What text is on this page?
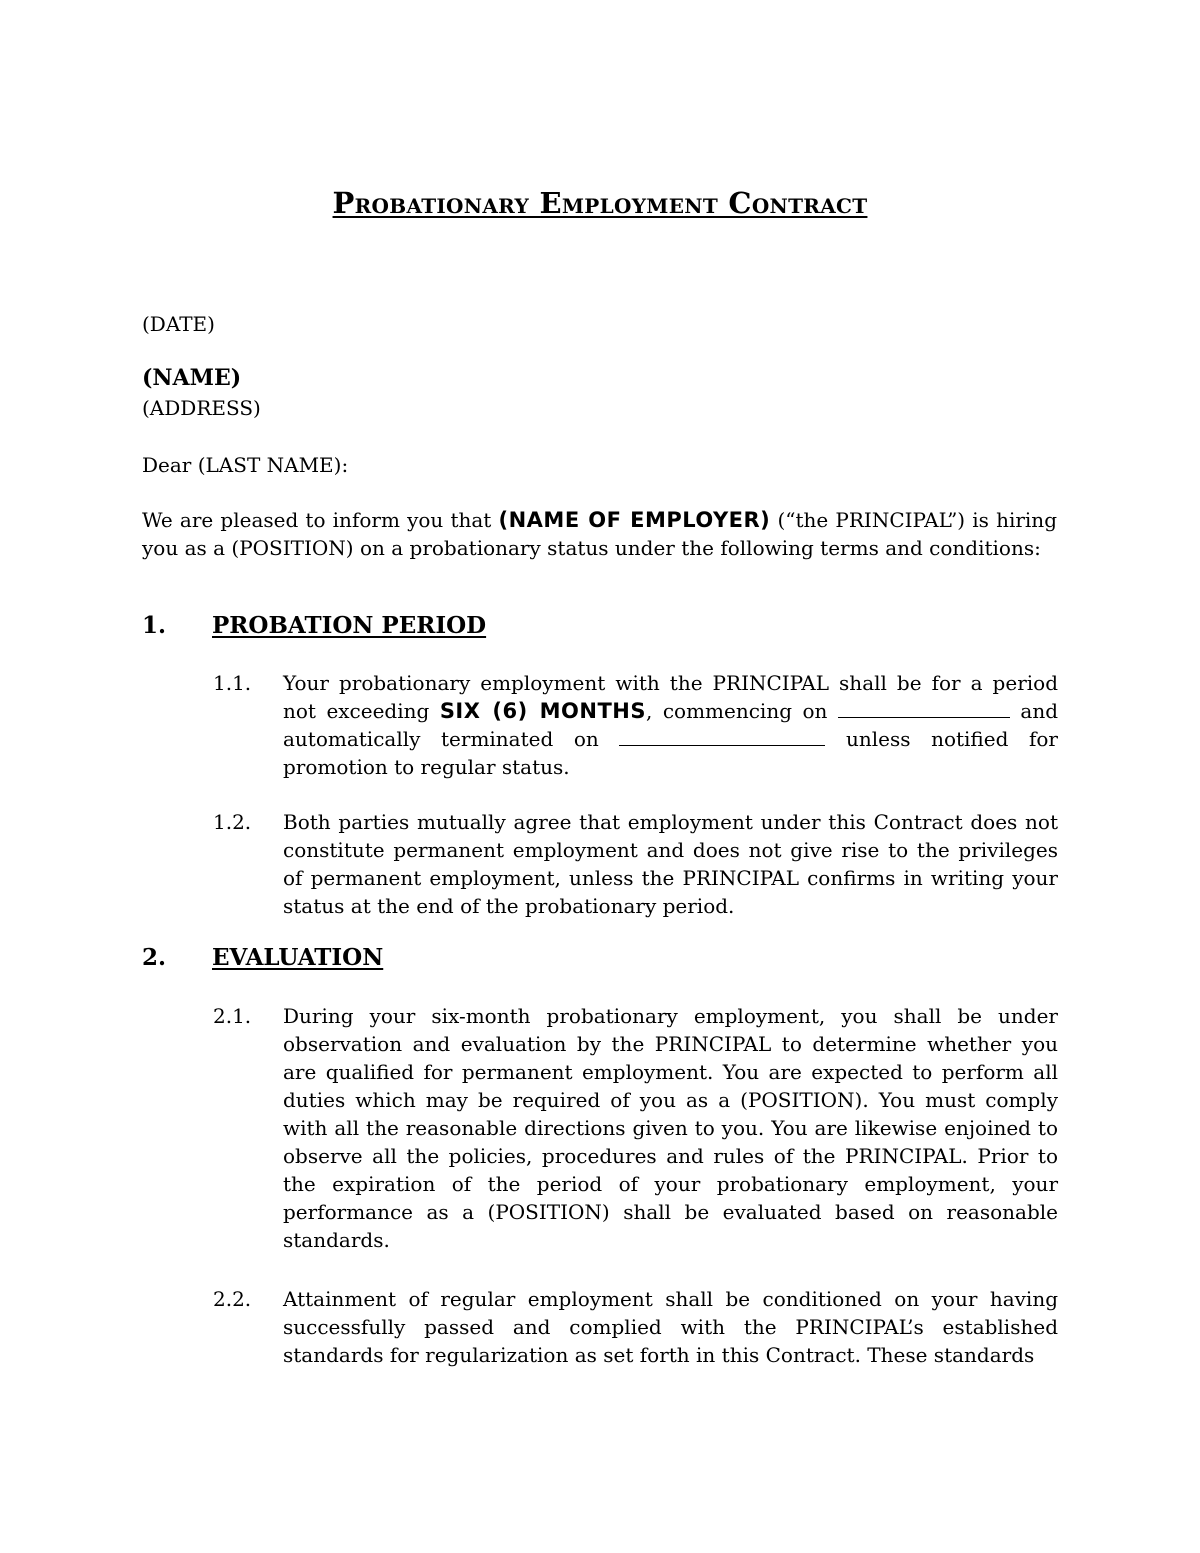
Probationary Employment Contract
(DATE)
(NAME)
(ADDRESS)
Dear (LAST NAME):
We are pleased to inform you that (NAME OF EMPLOYER) (“the PRINCIPAL”) is hiring you as a (POSITION) on a probationary status under the following terms and conditions:
1. PROBATION PERIOD
1.1.	Your probationary employment with the PRINCIPAL shall be for a period not exceeding SIX (6) MONTHS, commencing on	and automatically terminated on	unless notified for promotion to regular status.
1.2.	Both parties mutually agree that employment under this Contract does not constitute permanent employment and does not give rise to the privileges of permanent employment, unless the PRINCIPAL confirms in writing your status at the end of the probationary period.
2. EVALUATION
2.1.	During your six-month probationary employment, you shall be under observation and evaluation by the PRINCIPAL to determine whether you are qualified for permanent employment. You are expected to perform all duties which may be required of you as a (POSITION). You must comply with all the reasonable directions given to you. You are likewise enjoined to observe all the policies, procedures and rules of the PRINCIPAL. Prior to the expiration of the period of your probationary employment, your performance as a (POSITION) shall be evaluated based on reasonable standards.
2.2.	Attainment of regular employment shall be conditioned on your having successfully passed and complied with the PRINCIPAL’s established standards for regularization as set forth in this Contract. These standards
